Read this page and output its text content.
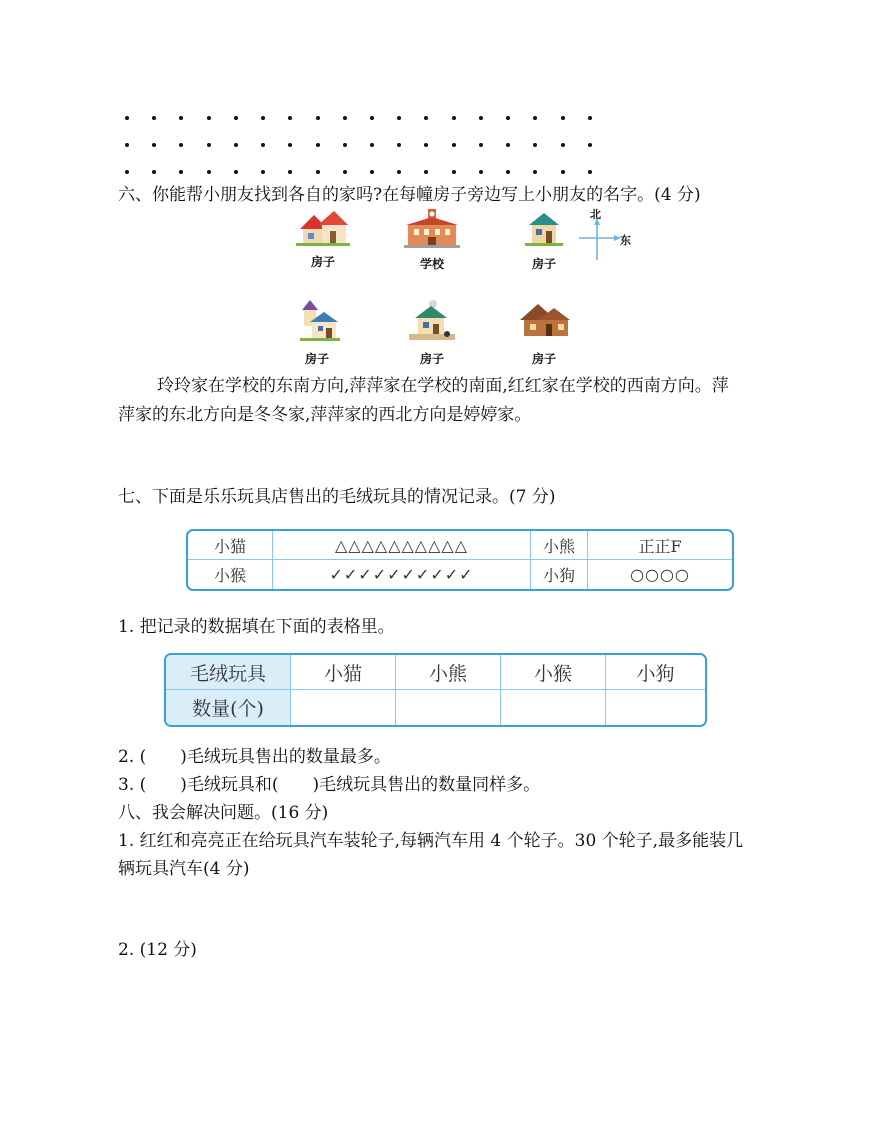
六、你能帮小朋友找到各自的家吗?在每幢房子旁边写上小朋友的名字。(4 分)
房子	学校	房子
北
东
房子	房子	房子
玲玲家在学校的东南方向,萍萍家在学校的南面,红红家在学校的西南方向。萍
萍家的东北方向是冬冬家,萍萍家的西北方向是婷婷家。
七、下面是乐乐玩具店售出的毛绒玩具的情况记录。(7 分)
小猫	△△△△△△△△△△	小熊	正正F
小猴	✓✓✓✓✓✓✓✓✓✓	小狗	○○○○
1. 把记录的数据填在下面的表格里。
毛绒玩具	小猫	小熊	小猴	小狗
数量(个)				
2. (　　)毛绒玩具售出的数量最多。
3. (　　)毛绒玩具和(　　)毛绒玩具售出的数量同样多。
八、我会解决问题。(16 分)
1. 红红和亮亮正在给玩具汽车装轮子,每辆汽车用 4 个轮子。30 个轮子,最多能装几
辆玩具汽车(4 分)
2. (12 分)
